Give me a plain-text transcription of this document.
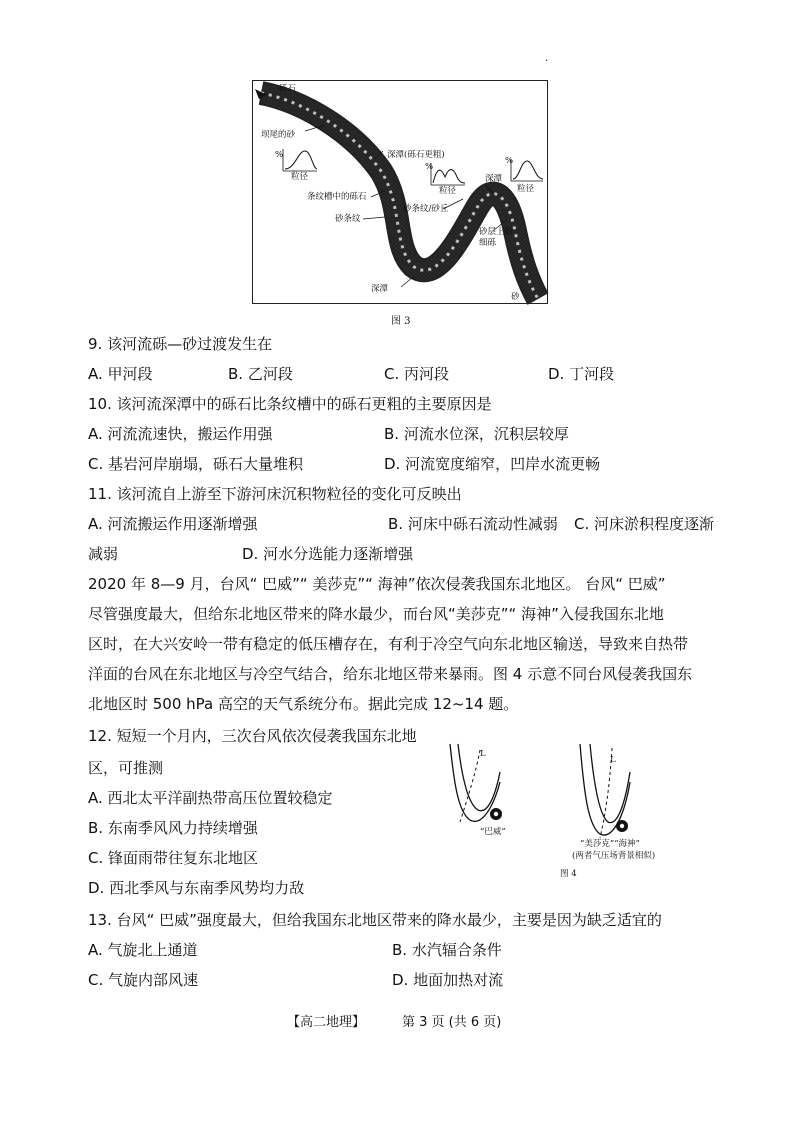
·
砾石
坝尾的砂
%
粒径
深潭(砾石更粗)
%
粒径
条纹槽中的砾石
砂条纹
砂条纹/砂丘
深潭
%
粒径
砂层上的细砾
深潭
砂
图 3
9. 该河流砾—砂过渡发生在
A. 甲河段	B. 乙河段	C. 丙河段	D. 丁河段
10. 该河流深潭中的砾石比条纹槽中的砾石更粗的主要原因是
A. 河流流速快，搬运作用强	B. 河流水位深，沉积层较厚
C. 基岩河岸崩塌，砾石大量堆积	D. 河流宽度缩窄，凹岸水流更畅
11. 该河流自上游至下游河床沉积物粒径的变化可反映出
A. 河流搬运作用逐渐增强	B. 河床中砾石流动性减弱 C. 河床淤积程度逐渐
减弱	D. 河水分选能力逐渐增强
2020 年 8—9 月，台风“ 巴威”“ 美莎克”“ 海神”依次侵袭我国东北地区。 台风“ 巴威”
尽管强度最大，但给东北地区带来的降水最少，而台风“美莎克”“ 海神”入侵我国东北地
区时，在大兴安岭一带有稳定的低压槽存在，有利于冷空气向东北地区输送，导致来自热带
洋面的台风在东北地区与冷空气结合，给东北地区带来暴雨。图 4 示意不同台风侵袭我国东
北地区时 500 hPa 高空的天气系统分布。据此完成 12~14 题。
12. 短短一个月内，三次台风依次侵袭我国东北地
区，可推测
A. 西北太平洋副热带高压位置较稳定
B. 东南季风风力持续增强
C. 锋面雨带往复东北地区
D. 西北季风与东南季风势均力敌
L
L
“巴威”
“美莎克”“海神”
(两者气压场背景相似)
图 4
13. 台风“ 巴威”强度最大，但给我国东北地区带来的降水最少，主要是因为缺乏适宜的
A. 气旋北上通道	B. 水汽辐合条件
C. 气旋内部风速	D. 地面加热对流
【高二地理】	第 3 页 (共 6 页)
